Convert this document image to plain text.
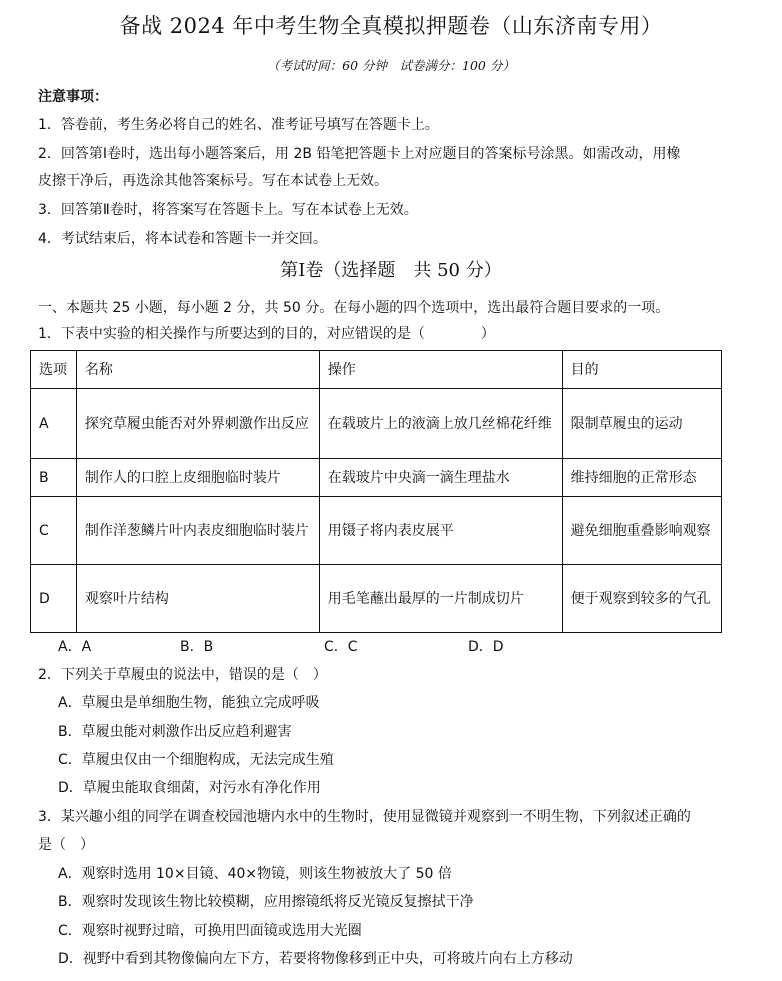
备战 2024 年中考生物全真模拟押题卷（山东济南专用）
（考试时间：60 分钟　试卷满分：100 分）
注意事项：
1．答卷前，考生务必将自己的姓名、准考证号填写在答题卡上。
2．回答第Ⅰ卷时，选出每小题答案后，用 2B 铅笔把答题卡上对应题目的答案标号涂黑。如需改动，用橡
皮擦干净后，再选涂其他答案标号。写在本试卷上无效。
3．回答第Ⅱ卷时，将答案写在答题卡上。写在本试卷上无效。
4．考试结束后，将本试卷和答题卡一并交回。
第Ⅰ卷（选择题　共 50 分）
一、本题共 25 小题，每小题 2 分，共 50 分。在每小题的四个选项中，选出最符合题目要求的一项。
1．下表中实验的相关操作与所要达到的目的，对应错误的是（　　　　）
选项	名称	操作	目的
A	探究草履虫能否对外界刺激作出反应	在载玻片上的液滴上放几丝棉花纤维	限制草履虫的运动
B	制作人的口腔上皮细胞临时装片	在载玻片中央滴一滴生理盐水	维持细胞的正常形态
C	制作洋葱鳞片叶内表皮细胞临时装片	用镊子将内表皮展平	避免细胞重叠影响观察
D	观察叶片结构	用毛笔蘸出最厚的一片制成切片	便于观察到较多的气孔
A．A	B．B	C．C	D．D
2．下列关于草履虫的说法中，错误的是（　）
A．草履虫是单细胞生物，能独立完成呼吸
B．草履虫能对刺激作出反应趋利避害
C．草履虫仅由一个细胞构成，无法完成生殖
D．草履虫能取食细菌，对污水有净化作用
3．某兴趣小组的同学在调查校园池塘内水中的生物时，使用显微镜并观察到一不明生物，下列叙述正确的
是（　）
A．观察时选用 10×目镜、40×物镜，则该生物被放大了 50 倍
B．观察时发现该生物比较模糊，应用擦镜纸将反光镜反复擦拭干净
C．观察时视野过暗，可换用凹面镜或选用大光圈
D．视野中看到其物像偏向左下方，若要将物像移到正中央，可将玻片向右上方移动
